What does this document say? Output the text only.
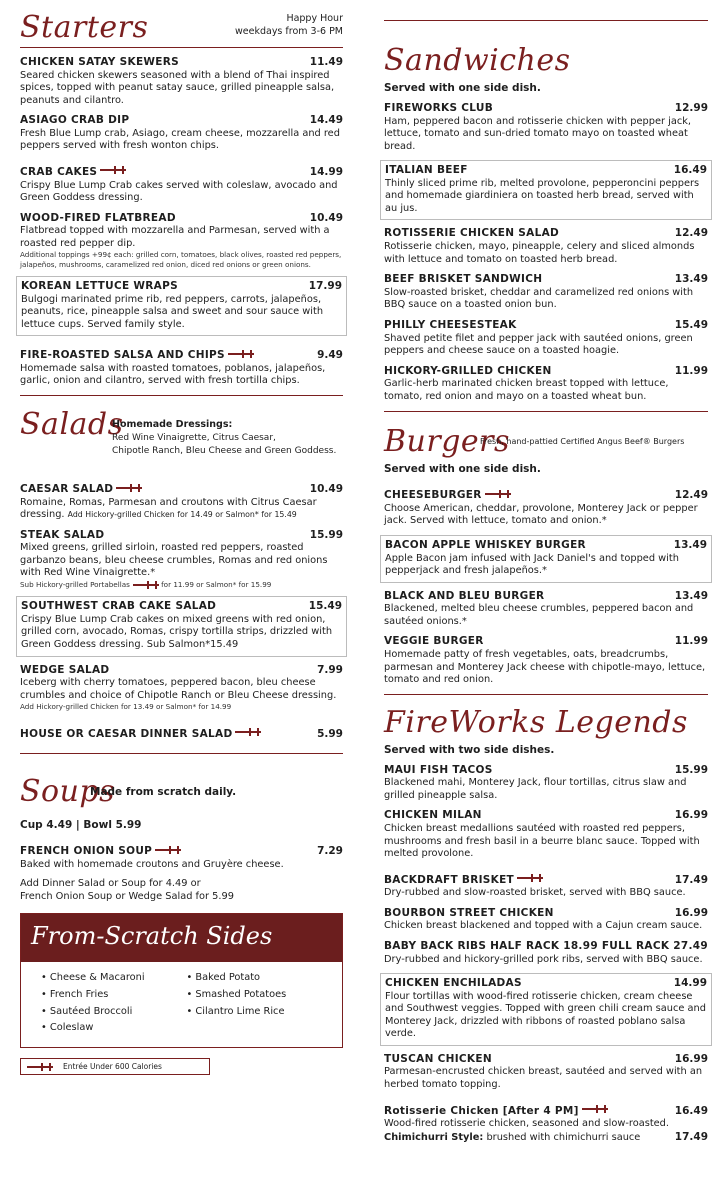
Starters	Happy Hour
weekdays from 3-6 PM
CHICKEN SATAY SKEWERS	11.49
Seared chicken skewers seasoned with a blend of Thai inspired spices, topped with peanut satay sauce, grilled pineapple salsa, peanuts and cilantro.
ASIAGO CRAB DIP	14.49
Fresh Blue Lump crab, Asiago, cream cheese, mozzarella and red peppers served with fresh wonton chips.
CRAB CAKES	14.99
Crispy Blue Lump Crab cakes served with coleslaw, avocado and Green Goddess dressing.
WOOD-FIRED FLATBREAD	10.49
Flatbread topped with mozzarella and Parmesan, served with a roasted red pepper dip.
Additional toppings +99¢ each: grilled corn, tomatoes, black olives, roasted red peppers, jalapeños, mushrooms, caramelized red onion, diced red onions or green onions.
KOREAN LETTUCE WRAPS	17.99
Bulgogi marinated prime rib, red peppers, carrots, jalapeños, peanuts, rice, pineapple salsa and sweet and sour sauce with lettuce cups. Served family style.
FIRE-ROASTED SALSA AND CHIPS	9.49
Homemade salsa with roasted tomatoes, poblanos, jalapeños, garlic, onion and cilantro, served with fresh tortilla chips.
Salads
Homemade Dressings:
Red Wine Vinaigrette, Citrus Caesar,
Chipotle Ranch, Bleu Cheese and Green Goddess.
CAESAR SALAD	10.49
Romaine, Romas, Parmesan and croutons with Citrus Caesar dressing. Add Hickory-grilled Chicken for 14.49 or Salmon* for 15.49
STEAK SALAD	15.99
Mixed greens, grilled sirloin, roasted red peppers, roasted garbanzo beans, bleu cheese crumbles, Romas and red onions with Red Wine Vinaigrette.*
Sub Hickory-grilled Portabellas	for 11.99 or Salmon* for 15.99
SOUTHWEST CRAB CAKE SALAD	15.49
Crispy Blue Lump Crab cakes on mixed greens with red onion, grilled corn, avocado, Romas, crispy tortilla strips, drizzled with Green Goddess dressing. Sub Salmon*15.49
WEDGE SALAD	7.99
Iceberg with cherry tomatoes, peppered bacon, bleu cheese crumbles and choice of Chipotle Ranch or Bleu Cheese dressing.
Add Hickory-grilled Chicken for 13.49 or Salmon* for 14.99
HOUSE OR CAESAR DINNER SALAD	5.99
Soups
Made from scratch daily.
Cup 4.49 | Bowl 5.99
FRENCH ONION SOUP	7.29
Baked with homemade croutons and Gruyère cheese.
Add Dinner Salad or Soup for 4.49 or
French Onion Soup or Wedge Salad for 5.99
From-Scratch Sides
• Cheese & Macaroni
• French Fries
• Sautéed Broccoli
• Coleslaw
• Baked Potato
• Smashed Potatoes
• Cilantro Lime Rice
Entrée Under 600 Calories
Sandwiches
Served with one side dish.
FIREWORKS CLUB	12.99
Ham, peppered bacon and rotisserie chicken with pepper jack, lettuce, tomato and sun-dried tomato mayo on toasted wheat bread.
ITALIAN BEEF	16.49
Thinly sliced prime rib, melted provolone, pepperoncini peppers and homemade giardiniera on toasted herb bread, served with au jus.
ROTISSERIE CHICKEN SALAD	12.49
Rotisserie chicken, mayo, pineapple, celery and sliced almonds with lettuce and tomato on toasted herb bread.
BEEF BRISKET SANDWICH	13.49
Slow-roasted brisket, cheddar and caramelized red onions with BBQ sauce on a toasted onion bun.
PHILLY CHEESESTEAK	15.49
Shaved petite filet and pepper jack with sautéed onions, green peppers and cheese sauce on a toasted hoagie.
HICKORY-GRILLED CHICKEN	11.99
Garlic-herb marinated chicken breast topped with lettuce, tomato, red onion and mayo on a toasted wheat bun.
Burgers
Fresh, hand-pattied Certified Angus Beef® Burgers
Served with one side dish.
CHEESEBURGER	12.49
Choose American, cheddar, provolone, Monterey Jack or pepper jack. Served with lettuce, tomato and onion.*
BACON APPLE WHISKEY BURGER	13.49
Apple Bacon jam infused with Jack Daniel's and topped with pepperjack and fresh jalapeños.*
BLACK AND BLEU BURGER	13.49
Blackened, melted bleu cheese crumbles, peppered bacon and sautéed onions.*
VEGGIE BURGER	11.99
Homemade patty of fresh vegetables, oats, breadcrumbs, parmesan and Monterey Jack cheese with chipotle-mayo, lettuce, tomato and red onion.
FireWorks Legends
Served with two side dishes.
MAUI FISH TACOS	15.99
Blackened mahi, Monterey Jack, flour tortillas, citrus slaw and grilled pineapple salsa.
CHICKEN MILAN	16.99
Chicken breast medallions sautéed with roasted red peppers, mushrooms and fresh basil in a beurre blanc sauce. Topped with melted provolone.
BACKDRAFT BRISKET	17.49
Dry-rubbed and slow-roasted brisket, served with BBQ sauce.
BOURBON STREET CHICKEN	16.99
Chicken breast blackened and topped with a Cajun cream sauce.
BABY BACK RIBS HALF RACK 18.99 FULL RACK 27.49
Dry-rubbed and hickory-grilled pork ribs, served with BBQ sauce.
CHICKEN ENCHILADAS	14.99
Flour tortillas with wood-fired rotisserie chicken, cream cheese and Southwest veggies. Topped with green chili cream sauce and Monterey Jack, drizzled with ribbons of roasted poblano salsa verde.
TUSCAN CHICKEN	16.99
Parmesan-encrusted chicken breast, sautéed and served with an herbed tomato topping.
Rotisserie Chicken [After 4 PM]	16.49
Wood-fired rotisserie chicken, seasoned and slow-roasted.
Chimichurri Style: brushed with chimichurri sauce	17.49
